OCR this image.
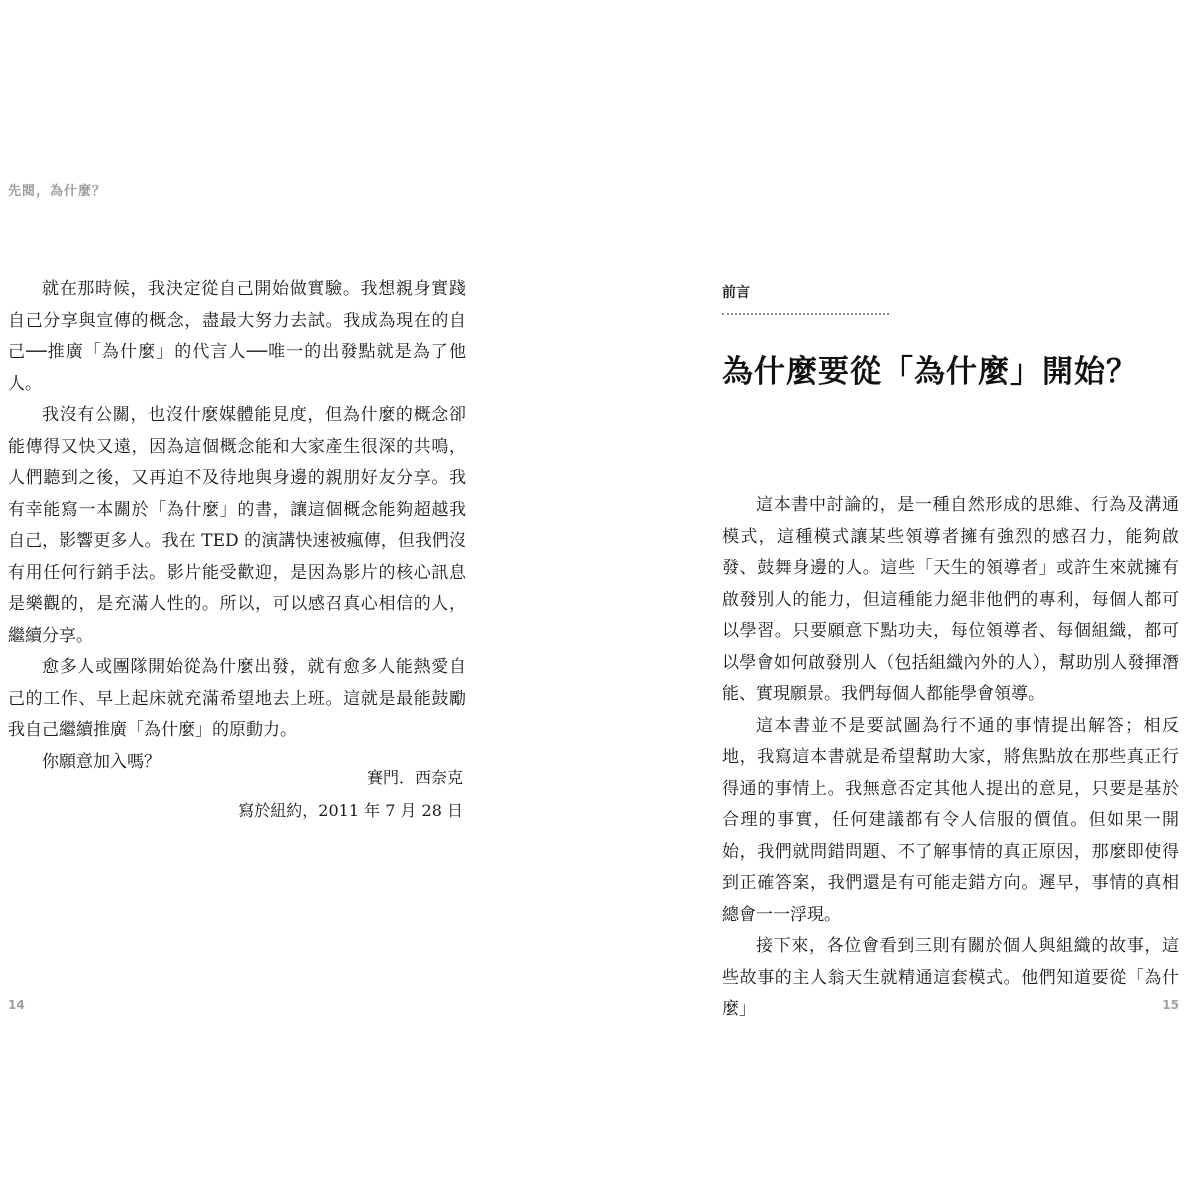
先閱，為什麼？

就在那時候，我決定從自己開始做實驗。我想親身實踐自己分享與宣傳的概念，盡最大努力去試。我成為現在的自己──推廣「為什麼」的代言人──唯一的出發點就是為了他人。

我沒有公關，也沒什麼媒體能見度，但為什麼的概念卻能傳得又快又遠，因為這個概念能和大家產生很深的共鳴，人們聽到之後，又再迫不及待地與身邊的親朋好友分享。我有幸能寫一本關於「為什麼」的書，讓這個概念能夠超越我自己，影響更多人。我在 TED 的演講快速被瘋傳，但我們沒有用任何行銷手法。影片能受歡迎，是因為影片的核心訊息是樂觀的，是充滿人性的。所以，可以感召真心相信的人，繼續分享。

愈多人或團隊開始從為什麼出發，就有愈多人能熱愛自己的工作、早上起床就充滿希望地去上班。這就是最能鼓勵我自己繼續推廣「為什麼」的原動力。

你願意加入嗎？

賽門．西奈克
寫於紐約，2011 年 7 月 28 日
14
前言
為什麼要從「為什麼」開始？

這本書中討論的，是一種自然形成的思維、行為及溝通模式，這種模式讓某些領導者擁有強烈的感召力，能夠啟發、鼓舞身邊的人。這些「天生的領導者」或許生來就擁有啟發別人的能力，但這種能力絕非他們的專利，每個人都可以學習。只要願意下點功夫，每位領導者、每個組織，都可以學會如何啟發別人（包括組織內外的人），幫助別人發揮潛能、實現願景。我們每個人都能學會領導。

這本書並不是要試圖為行不通的事情提出解答；相反地，我寫這本書就是希望幫助大家，將焦點放在那些真正行得通的事情上。我無意否定其他人提出的意見，只要是基於合理的事實，任何建議都有令人信服的價值。但如果一開始，我們就問錯問題、不了解事情的真正原因，那麼即使得到正確答案，我們還是有可能走錯方向。遲早，事情的真相總會一一浮現。

接下來，各位會看到三則有關於個人與組織的故事，這些故事的主人翁天生就精通這套模式。他們知道要從「為什麼」	15
